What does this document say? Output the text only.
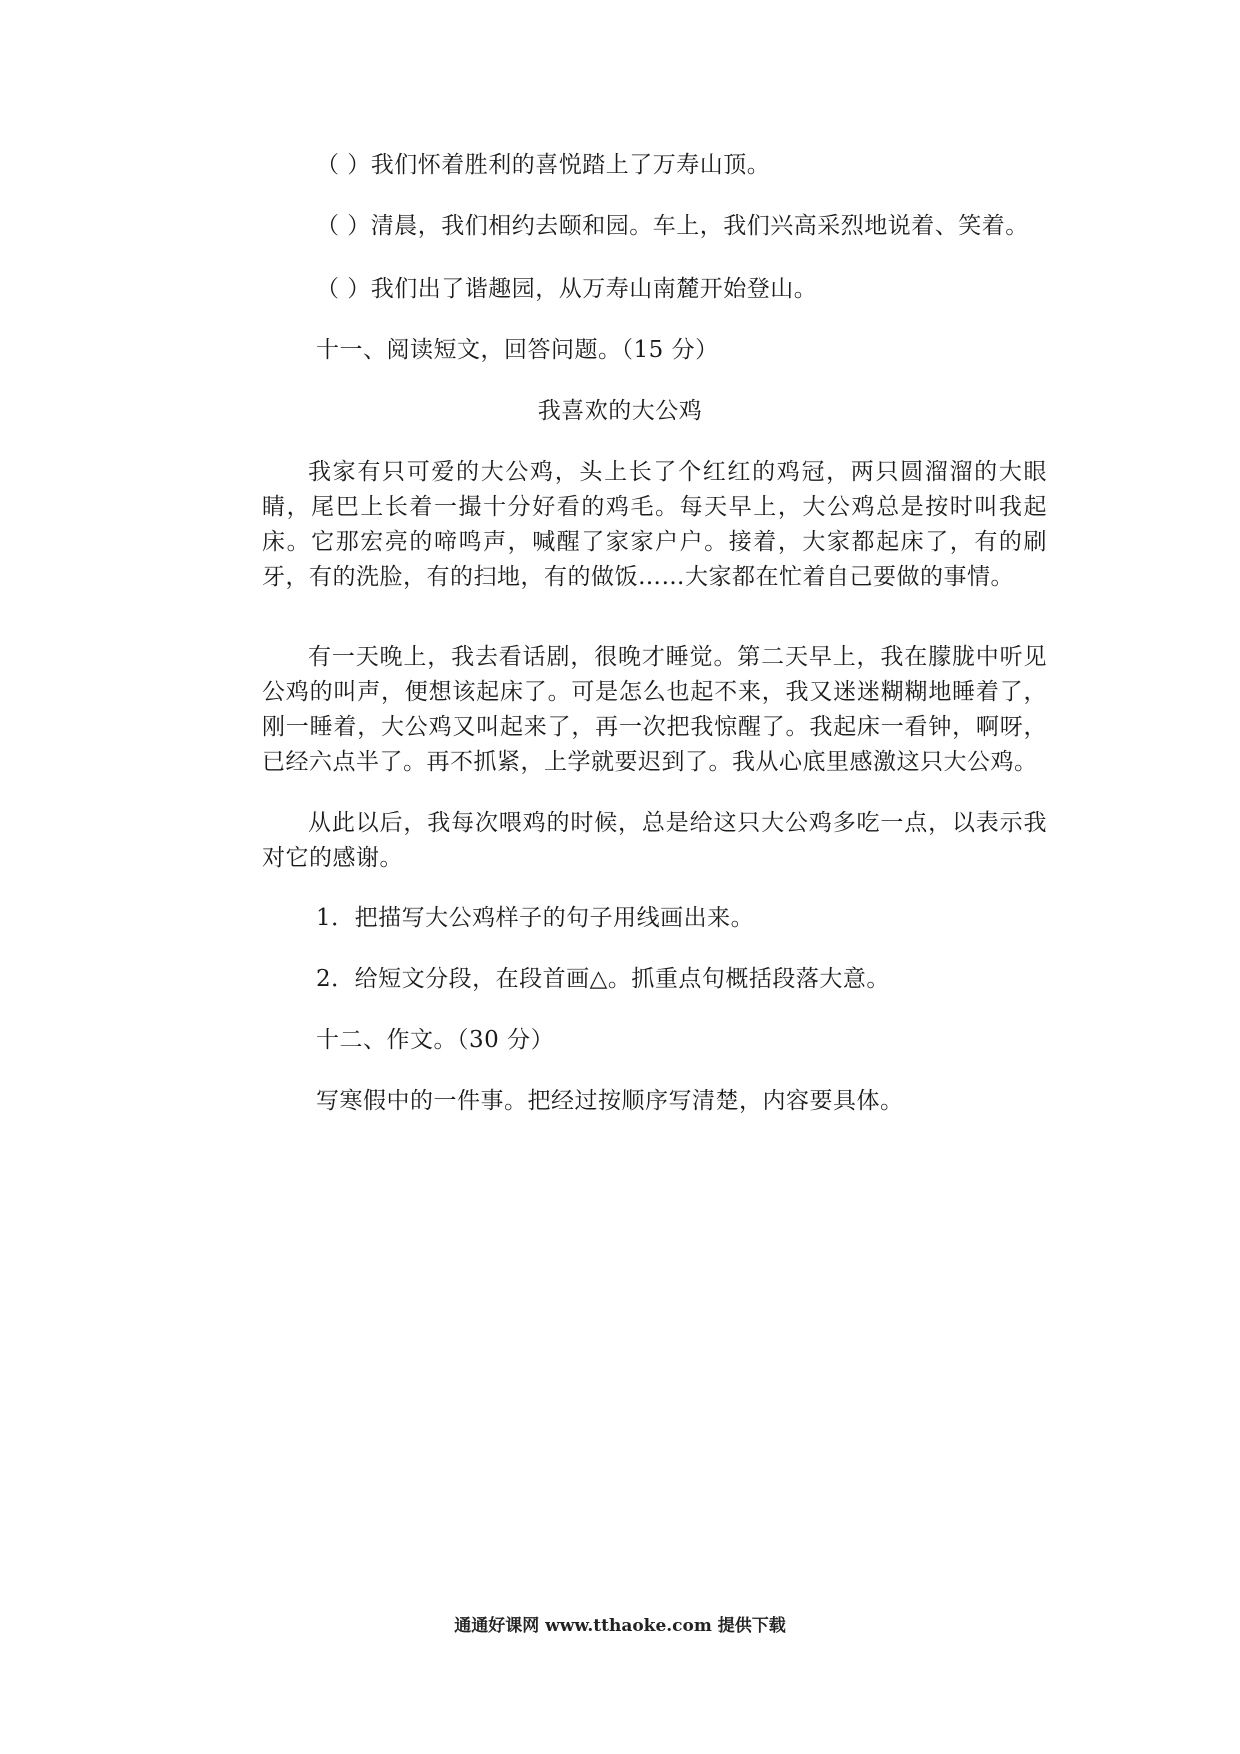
（ ）我们怀着胜利的喜悦踏上了万寿山顶。
（ ）清晨，我们相约去颐和园。车上，我们兴高采烈地说着、笑着。
（ ）我们出了谐趣园，从万寿山南麓开始登山。
十一、阅读短文，回答问题。（15 分）
我喜欢的大公鸡
我家有只可爱的大公鸡，头上长了个红红的鸡冠，两只圆溜溜的大眼睛，尾巴上长着一撮十分好看的鸡毛。每天早上，大公鸡总是按时叫我起床。它那宏亮的啼鸣声，喊醒了家家户户。接着，大家都起床了，有的刷牙，有的洗脸，有的扫地，有的做饭……大家都在忙着自己要做的事情。
有一天晚上，我去看话剧，很晚才睡觉。第二天早上，我在朦胧中听见公鸡的叫声，便想该起床了。可是怎么也起不来，我又迷迷糊糊地睡着了，刚一睡着，大公鸡又叫起来了，再一次把我惊醒了。我起床一看钟，啊呀，已经六点半了。再不抓紧，上学就要迟到了。我从心底里感激这只大公鸡。
从此以后，我每次喂鸡的时候，总是给这只大公鸡多吃一点，以表示我对它的感谢。
1．把描写大公鸡样子的句子用线画出来。
2．给短文分段，在段首画△。抓重点句概括段落大意。
十二、作文。（30 分）
写寒假中的一件事。把经过按顺序写清楚，内容要具体。
通通好课网 www.tthaoke.com 提供下载
